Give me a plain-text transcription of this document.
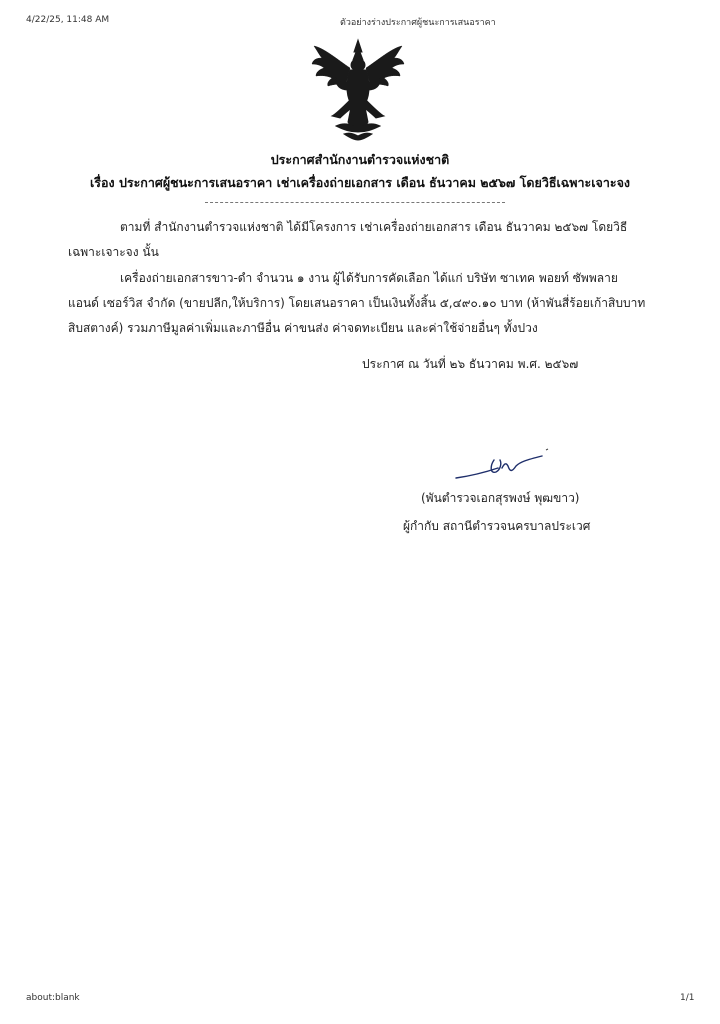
4/22/25, 11:48 AM	ตัวอย่างร่างประกาศผู้ชนะการเสนอราคา
ประกาศสำนักงานตำรวจแห่งชาติ
เรื่อง ประกาศผู้ชนะการเสนอราคา เช่าเครื่องถ่ายเอกสาร เดือน ธันวาคม ๒๕๖๗ โดยวิธีเฉพาะเจาะจง
ตามที่ สำนักงานตำรวจแห่งชาติ ได้มีโครงการ เช่าเครื่องถ่ายเอกสาร เดือน ธันวาคม ๒๕๖๗ โดยวิธี
เฉพาะเจาะจง นั้น
เครื่องถ่ายเอกสารขาว-ดำ จำนวน ๑ งาน ผู้ได้รับการคัดเลือก ได้แก่ บริษัท ซาเทค พอยท์ ซัพพลาย
แอนด์ เซอร์วิส จำกัด (ขายปลีก,ให้บริการ) โดยเสนอราคา เป็นเงินทั้งสิ้น ๕,๔๙๐.๑๐ บาท (ห้าพันสี่ร้อยเก้าสิบบาท
สิบสตางค์) รวมภาษีมูลค่าเพิ่มและภาษีอื่น ค่าขนส่ง ค่าจดทะเบียน และค่าใช้จ่ายอื่นๆ ทั้งปวง
ประกาศ ณ วันที่ ๒๖ ธันวาคม พ.ศ. ๒๕๖๗
(พันตำรวจเอกสุรพงษ์ พุฒขาว)
ผู้กำกับ สถานีตำรวจนครบาลประเวศ
about:blank	1/1
